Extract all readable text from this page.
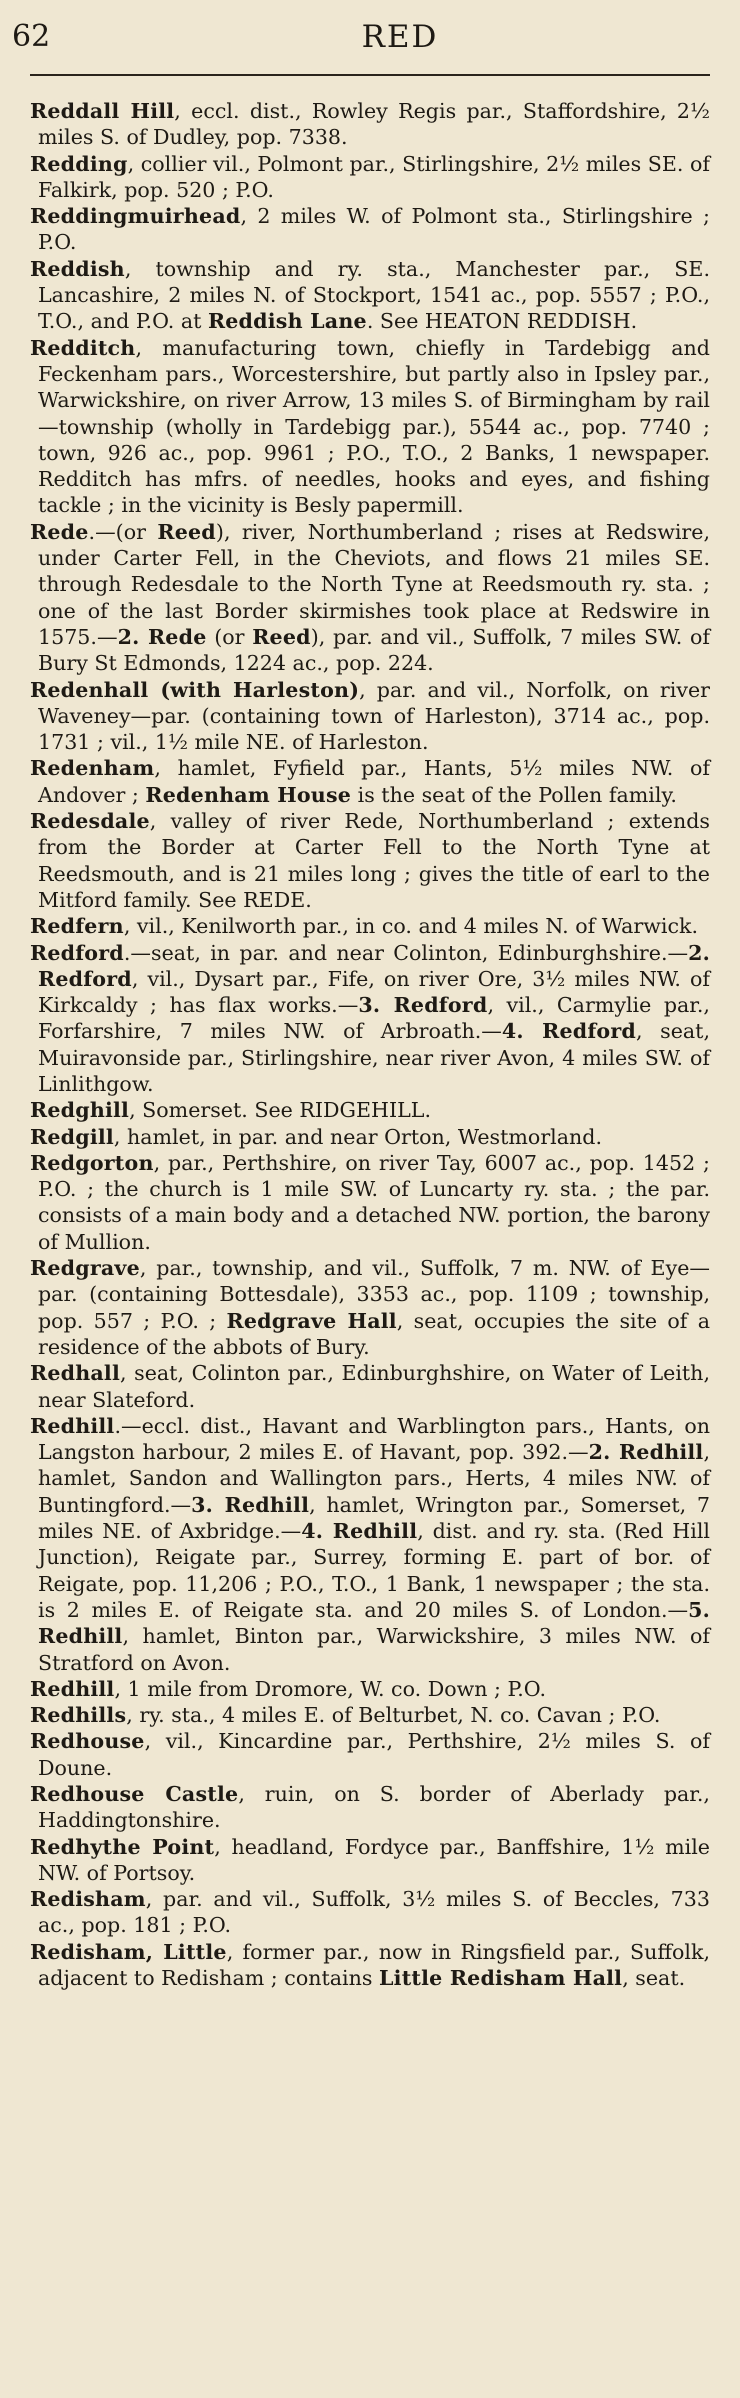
62	RED

Reddall Hill, eccl. dist., Rowley Regis par., Staffordshire, 2½ miles S. of Dudley, pop. 7338.

Redding, collier vil., Polmont par., Stirlingshire, 2½ miles SE. of Falkirk, pop. 520 ; P.O.

Reddingmuirhead, 2 miles W. of Polmont sta., Stirlingshire ; P.O.

Reddish, township and ry. sta., Manchester par., SE. Lancashire, 2 miles N. of Stockport, 1541 ac., pop. 5557 ; P.O., T.O., and P.O. at Reddish Lane. See HEATON REDDISH.

Redditch, manufacturing town, chiefly in Tardebigg and Feckenham pars., Worcestershire, but partly also in Ipsley par., Warwickshire, on river Arrow, 13 miles S. of Birmingham by rail—township (wholly in Tardebigg par.), 5544 ac., pop. 7740 ; town, 926 ac., pop. 9961 ; P.O., T.O., 2 Banks, 1 newspaper. Redditch has mfrs. of needles, hooks and eyes, and fishing tackle ; in the vicinity is Besly papermill.

Rede.—(or Reed), river, Northumberland ; rises at Redswire, under Carter Fell, in the Cheviots, and flows 21 miles SE. through Redesdale to the North Tyne at Reedsmouth ry. sta. ; one of the last Border skirmishes took place at Redswire in 1575.—2. Rede (or Reed), par. and vil., Suffolk, 7 miles SW. of Bury St Edmonds, 1224 ac., pop. 224.

Redenhall (with Harleston), par. and vil., Norfolk, on river Waveney—par. (containing town of Harleston), 3714 ac., pop. 1731 ; vil., 1½ mile NE. of Harleston.

Redenham, hamlet, Fyfield par., Hants, 5½ miles NW. of Andover ; Redenham House is the seat of the Pollen family.

Redesdale, valley of river Rede, Northumberland ; extends from the Border at Carter Fell to the North Tyne at Reedsmouth, and is 21 miles long ; gives the title of earl to the Mitford family. See REDE.

Redfern, vil., Kenilworth par., in co. and 4 miles N. of Warwick.

Redford.—seat, in par. and near Colinton, Edinburghshire.—2. Redford, vil., Dysart par., Fife, on river Ore, 3½ miles NW. of Kirkcaldy ; has flax works.—3. Redford, vil., Carmylie par., Forfarshire, 7 miles NW. of Arbroath.—4. Redford, seat, Muiravonside par., Stirlingshire, near river Avon, 4 miles SW. of Linlithgow.

Redghill, Somerset. See RIDGEHILL.

Redgill, hamlet, in par. and near Orton, Westmorland.

Redgorton, par., Perthshire, on river Tay, 6007 ac., pop. 1452 ; P.O. ; the church is 1 mile SW. of Luncarty ry. sta. ; the par. consists of a main body and a detached NW. portion, the barony of Mullion.

Redgrave, par., township, and vil., Suffolk, 7 m. NW. of Eye—par. (containing Bottesdale), 3353 ac., pop. 1109 ; township, pop. 557 ; P.O. ; Redgrave Hall, seat, occupies the site of a residence of the abbots of Bury.

Redhall, seat, Colinton par., Edinburghshire, on Water of Leith, near Slateford.

Redhill.—eccl. dist., Havant and Warblington pars., Hants, on Langston harbour, 2 miles E. of Havant, pop. 392.—2. Redhill, hamlet, Sandon and Wallington pars., Herts, 4 miles NW. of Buntingford.—3. Redhill, hamlet, Wrington par., Somerset, 7 miles NE. of Axbridge.—4. Redhill, dist. and ry. sta. (Red Hill Junction), Reigate par., Surrey, forming E. part of bor. of Reigate, pop. 11,206 ; P.O., T.O., 1 Bank, 1 newspaper ; the sta. is 2 miles E. of Reigate sta. and 20 miles S. of London.—5. Redhill, hamlet, Binton par., Warwickshire, 3 miles NW. of Stratford on Avon.

Redhill, 1 mile from Dromore, W. co. Down ; P.O.

Redhills, ry. sta., 4 miles E. of Belturbet, N. co. Cavan ; P.O.

Redhouse, vil., Kincardine par., Perthshire, 2½ miles S. of Doune.

Redhouse Castle, ruin, on S. border of Aberlady par., Haddingtonshire.

Redhythe Point, headland, Fordyce par., Banffshire, 1½ mile NW. of Portsoy.

Redisham, par. and vil., Suffolk, 3½ miles S. of Beccles, 733 ac., pop. 181 ; P.O.

Redisham, Little, former par., now in Ringsfield par., Suffolk, adjacent to Redisham ; contains Little Redisham Hall, seat.
